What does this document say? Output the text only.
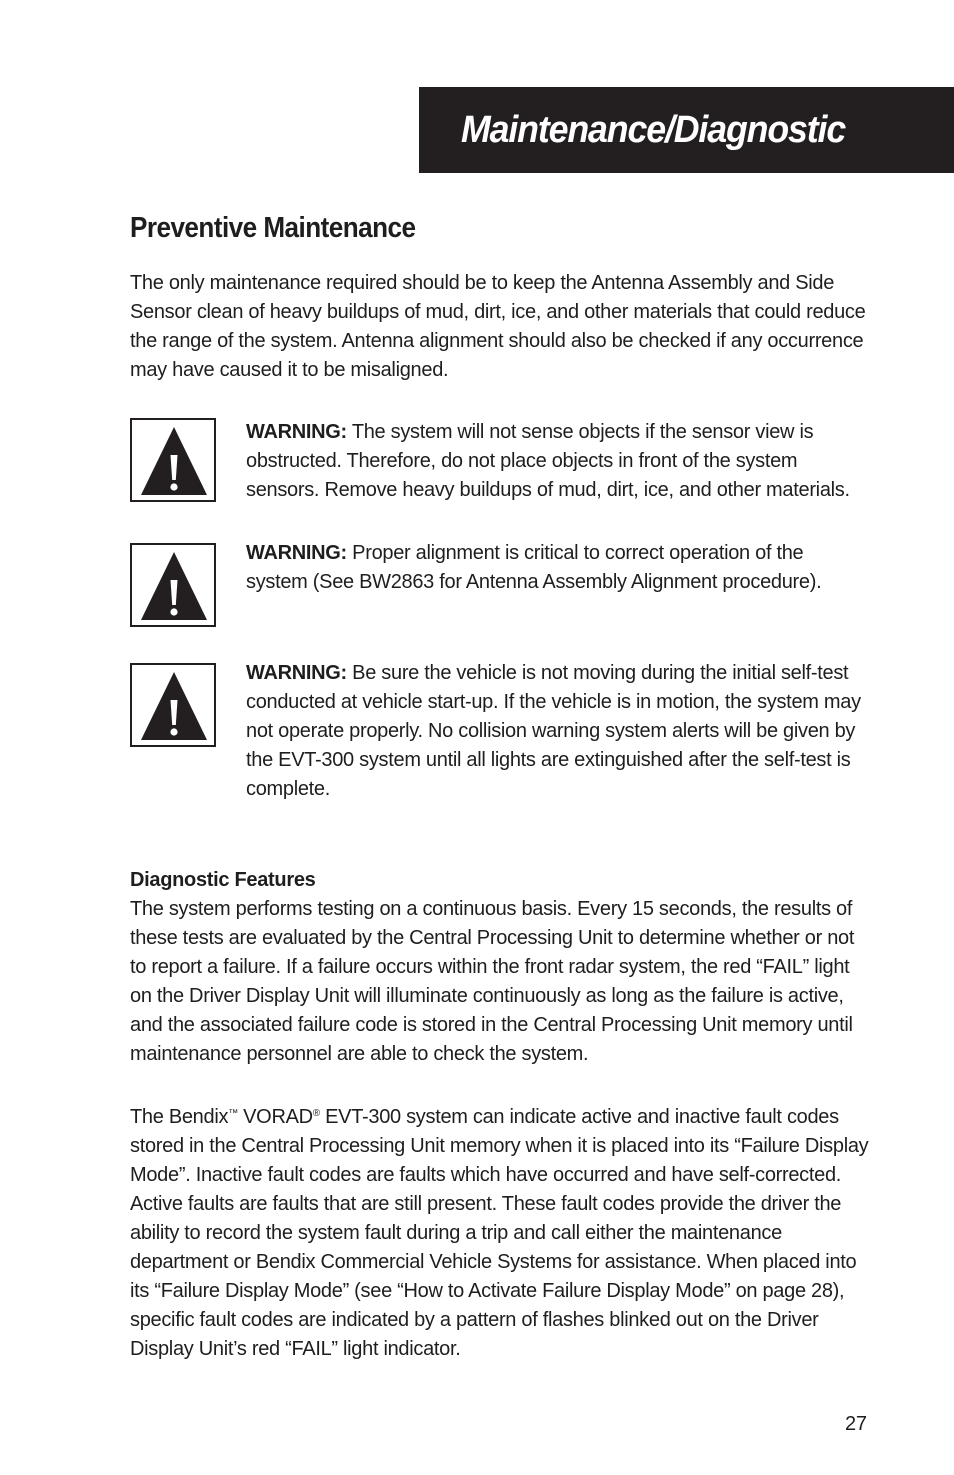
Maintenance/Diagnostic
Preventive Maintenance

The only maintenance required should be to keep the Antenna Assembly and Side Sensor clean of heavy buildups of mud, dirt, ice, and other materials that could reduce the range of the system. Antenna alignment should also be checked if any occurrence may have caused it to be misaligned.

WARNING: The system will not sense objects if the sensor view is obstructed. Therefore, do not place objects in front of the system sensors. Remove heavy buildups of mud, dirt, ice, and other materials.

WARNING: Proper alignment is critical to correct operation of the system (See BW2863 for Antenna Assembly Alignment procedure).

WARNING: Be sure the vehicle is not moving during the initial self-test conducted at vehicle start-up. If the vehicle is in motion, the system may not operate properly. No collision warning system alerts will be given by the EVT-300 system until all lights are extinguished after the self-test is complete.

Diagnostic Features

The system performs testing on a continuous basis. Every 15 seconds, the results of these tests are evaluated by the Central Processing Unit to determine whether or not to report a failure. If a failure occurs within the front radar system, the red “FAIL” light on the Driver Display Unit will illuminate continuously as long as the failure is active, and the associated failure code is stored in the Central Processing Unit memory until maintenance personnel are able to check the system.

The Bendix™ VORAD® EVT-300 system can indicate active and inactive fault codes stored in the Central Processing Unit memory when it is placed into its “Failure Display Mode”. Inactive fault codes are faults which have occurred and have self-corrected. Active faults are faults that are still present. These fault codes provide the driver the ability to record the system fault during a trip and call either the maintenance department or Bendix Commercial Vehicle Systems for assistance. When placed into its “Failure Display Mode” (see “How to Activate Failure Display Mode” on page 28), specific fault codes are indicated by a pattern of flashes blinked out on the Driver Display Unit’s red “FAIL” light indicator.

27
